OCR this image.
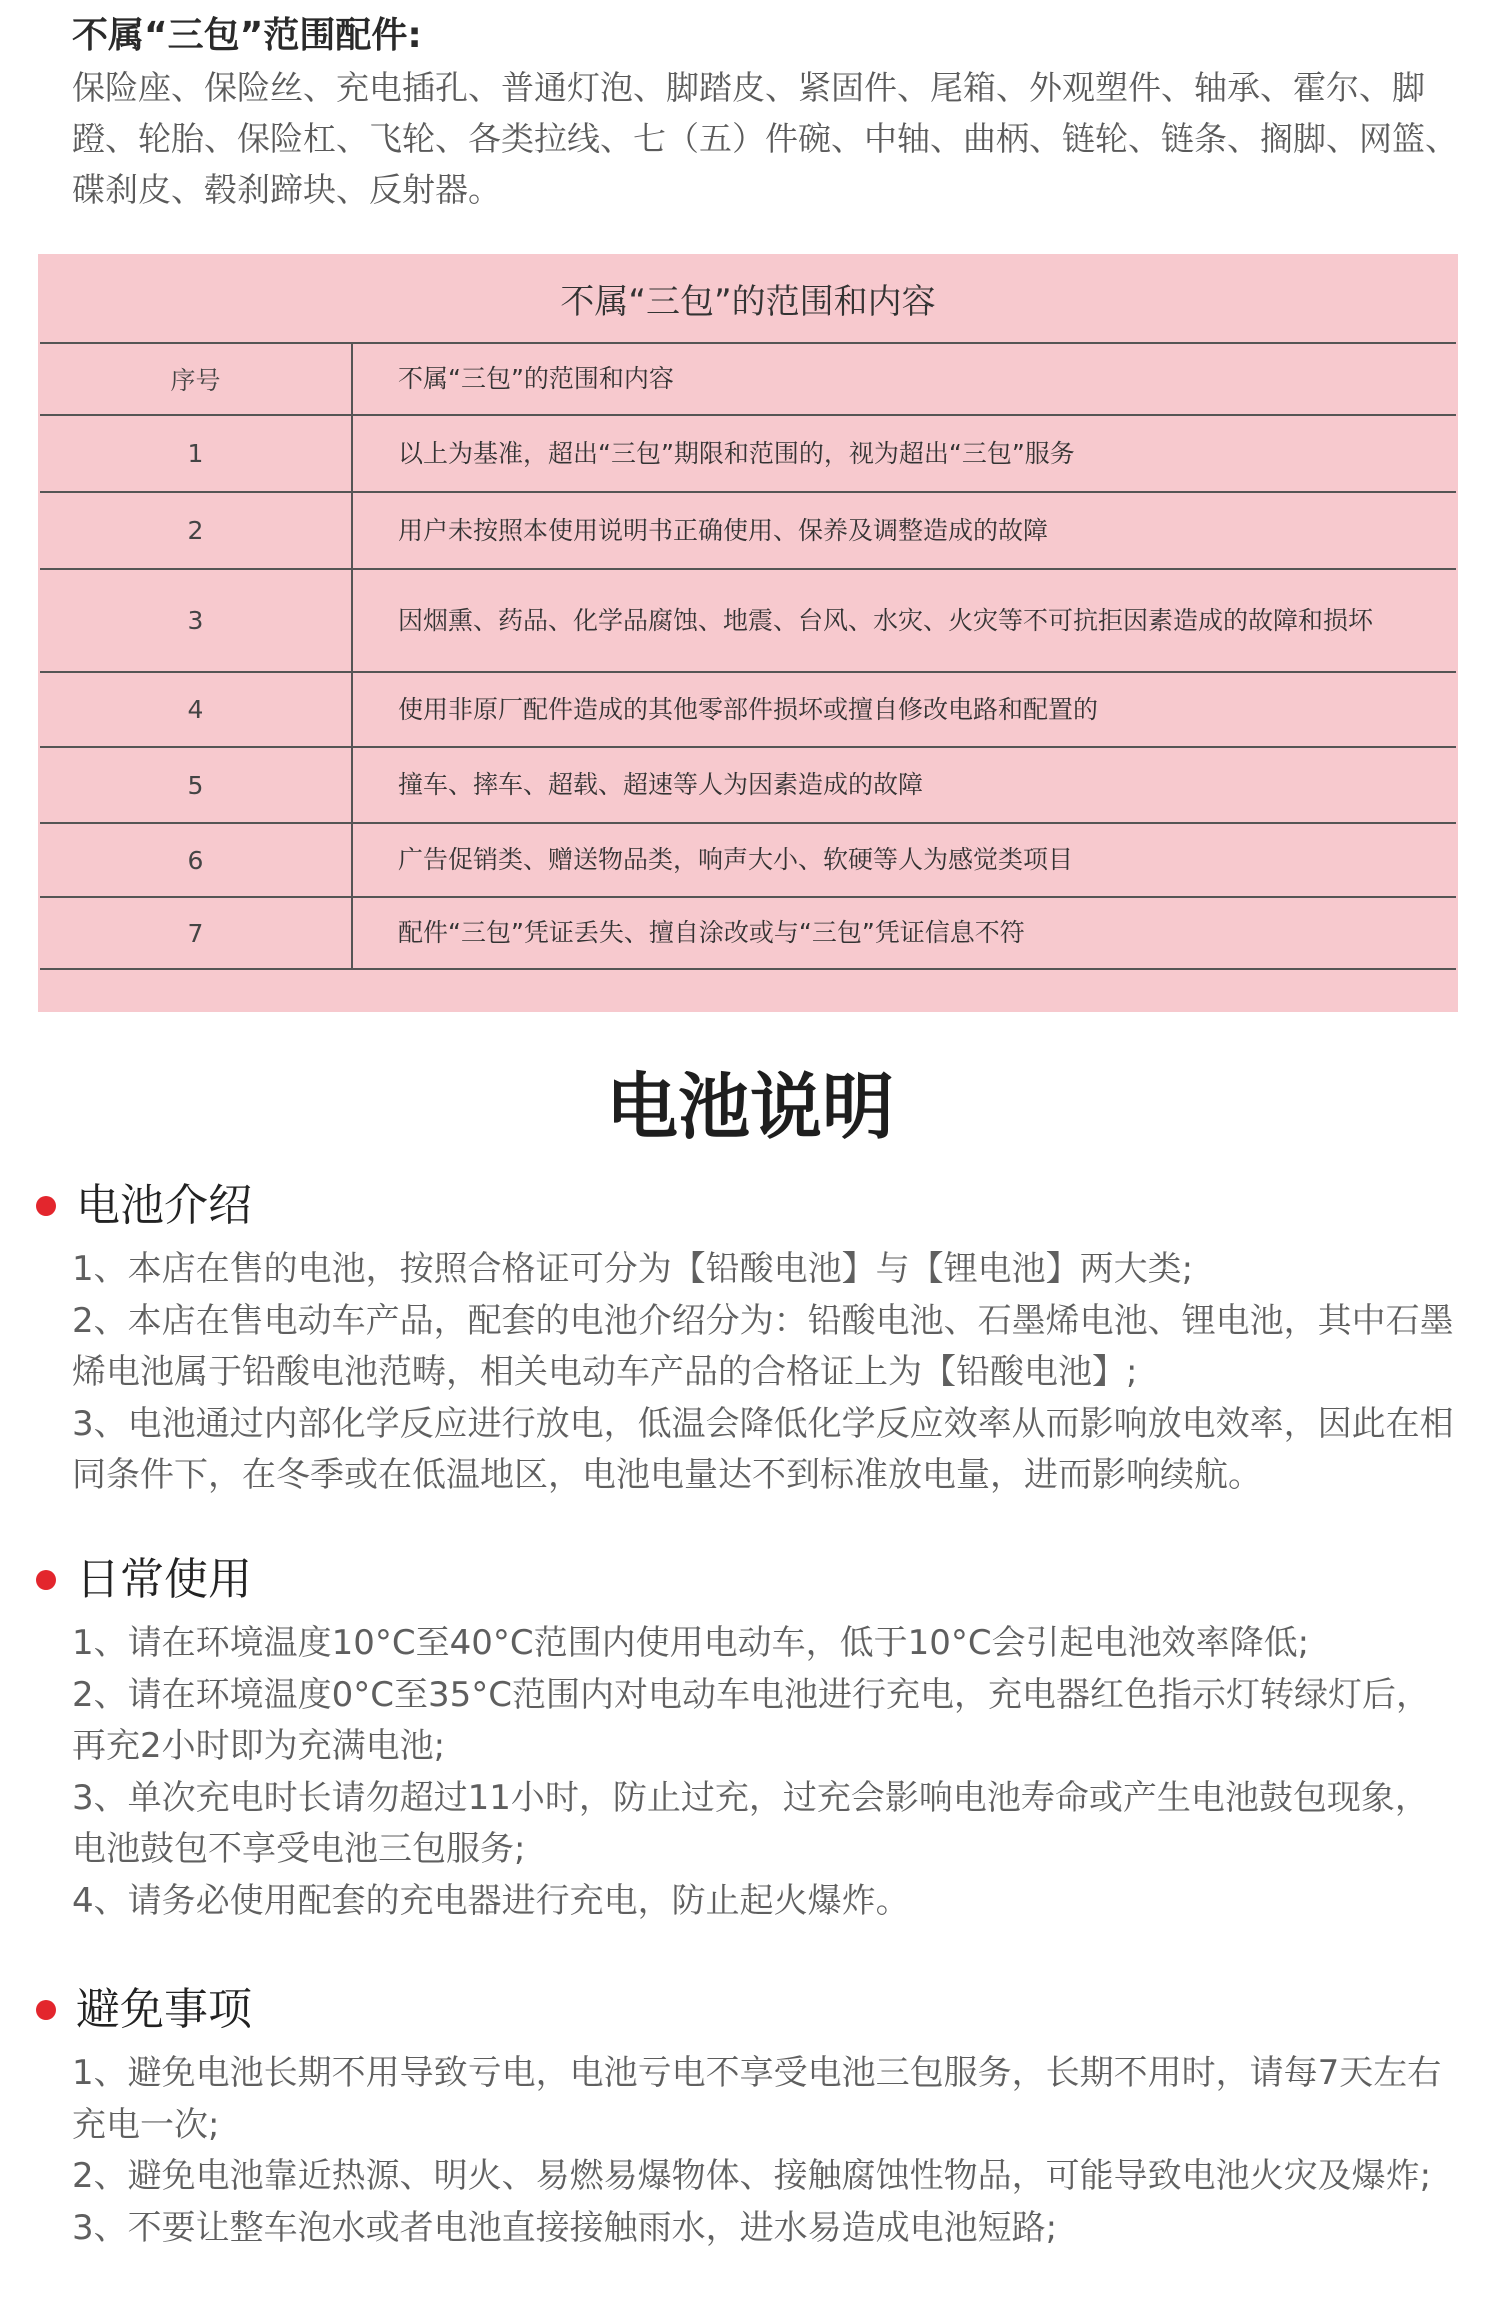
不属“三包”范围配件:
保险座、保险丝、充电插孔、普通灯泡、脚踏皮、紧固件、尾箱、外观塑件、轴承、霍尔、脚蹬、轮胎、保险杠、飞轮、各类拉线、七（五）件碗、中轴、曲柄、链轮、链条、搁脚、网篮、碟刹皮、毂刹蹄块、反射器。
不属“三包”的范围和内容
序号	不属“三包”的范围和内容
1	以上为基准，超出“三包”期限和范围的，视为超出“三包”服务
2	用户未按照本使用说明书正确使用、保养及调整造成的故障
3	因烟熏、药品、化学品腐蚀、地震、台风、水灾、火灾等不可抗拒因素造成的故障和损坏
4	使用非原厂配件造成的其他零部件损坏或擅自修改电路和配置的
5	撞车、摔车、超载、超速等人为因素造成的故障
6	广告促销类、赠送物品类，响声大小、软硬等人为感觉类项目
7	配件“三包”凭证丢失、擅自涂改或与“三包”凭证信息不符
电池说明
电池介绍

1、本店在售的电池，按照合格证可分为【铅酸电池】与【锂电池】两大类;

2、本店在售电动车产品，配套的电池介绍分为：铅酸电池、石墨烯电池、锂电池，其中石墨烯电池属于铅酸电池范畴，相关电动车产品的合格证上为【铅酸电池】;

3、电池通过内部化学反应进行放电，低温会降低化学反应效率从而影响放电效率，因此在相同条件下，在冬季或在低温地区，电池电量达不到标准放电量，进而影响续航。

日常使用

1、请在环境温度10°C至40°C范围内使用电动车，低于10°C会引起电池效率降低;

2、请在环境温度0°C至35°C范围内对电动车电池进行充电，充电器红色指示灯转绿灯后，再充2小时即为充满电池;

3、单次充电时长请勿超过11小时，防止过充，过充会影响电池寿命或产生电池鼓包现象，电池鼓包不享受电池三包服务;

4、请务必使用配套的充电器进行充电，防止起火爆炸。

避免事项

1、避免电池长期不用导致亏电，电池亏电不享受电池三包服务，长期不用时，请每7天左右充电一次;

2、避免电池靠近热源、明火、易燃易爆物体、接触腐蚀性物品，可能导致电池火灾及爆炸;

3、不要让整车泡水或者电池直接接触雨水，进水易造成电池短路;
